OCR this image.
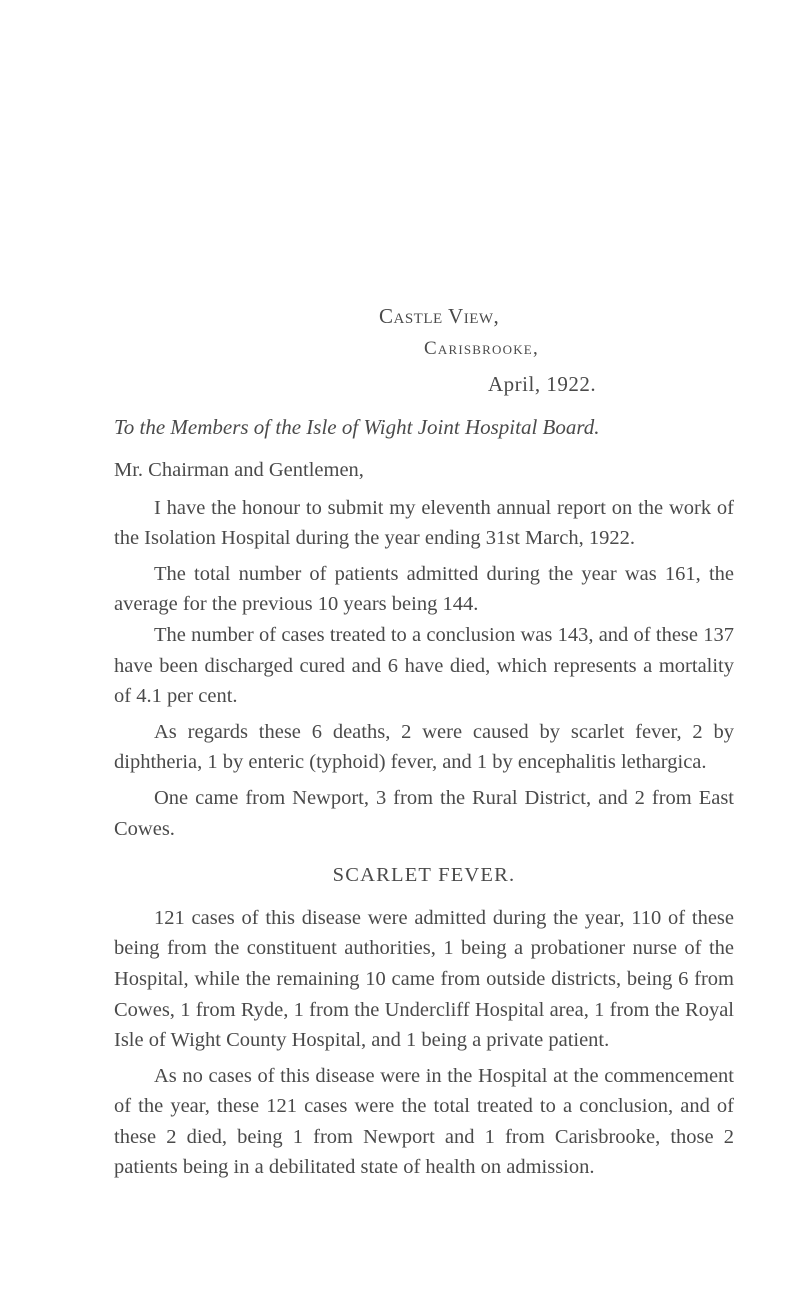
Castle View,
Carisbrooke,
April, 1922.
To the Members of the Isle of Wight Joint Hospital Board.

Mr. Chairman and Gentlemen,

I have the honour to submit my eleventh annual report on the work of the Isolation Hospital during the year ending 31st March, 1922.

The total number of patients admitted during the year was 161, the average for the previous 10 years being 144.

The number of cases treated to a conclusion was 143, and of these 137 have been discharged cured and 6 have died, which represents a mortality of 4.1 per cent.

As regards these 6 deaths, 2 were caused by scarlet fever, 2 by diphtheria, 1 by enteric (typhoid) fever, and 1 by encephalitis lethargica.

One came from Newport, 3 from the Rural District, and 2 from East Cowes.

SCARLET FEVER.

121 cases of this disease were admitted during the year, 110 of these being from the constituent authorities, 1 being a probationer nurse of the Hospital, while the remaining 10 came from outside districts, being 6 from Cowes, 1 from Ryde, 1 from the Undercliff Hospital area, 1 from the Royal Isle of Wight County Hospital, and 1 being a private patient.

As no cases of this disease were in the Hospital at the commencement of the year, these 121 cases were the total treated to a conclusion, and of these 2 died, being 1 from Newport and 1 from Carisbrooke, those 2 patients being in a debilitated state of health on admission.
